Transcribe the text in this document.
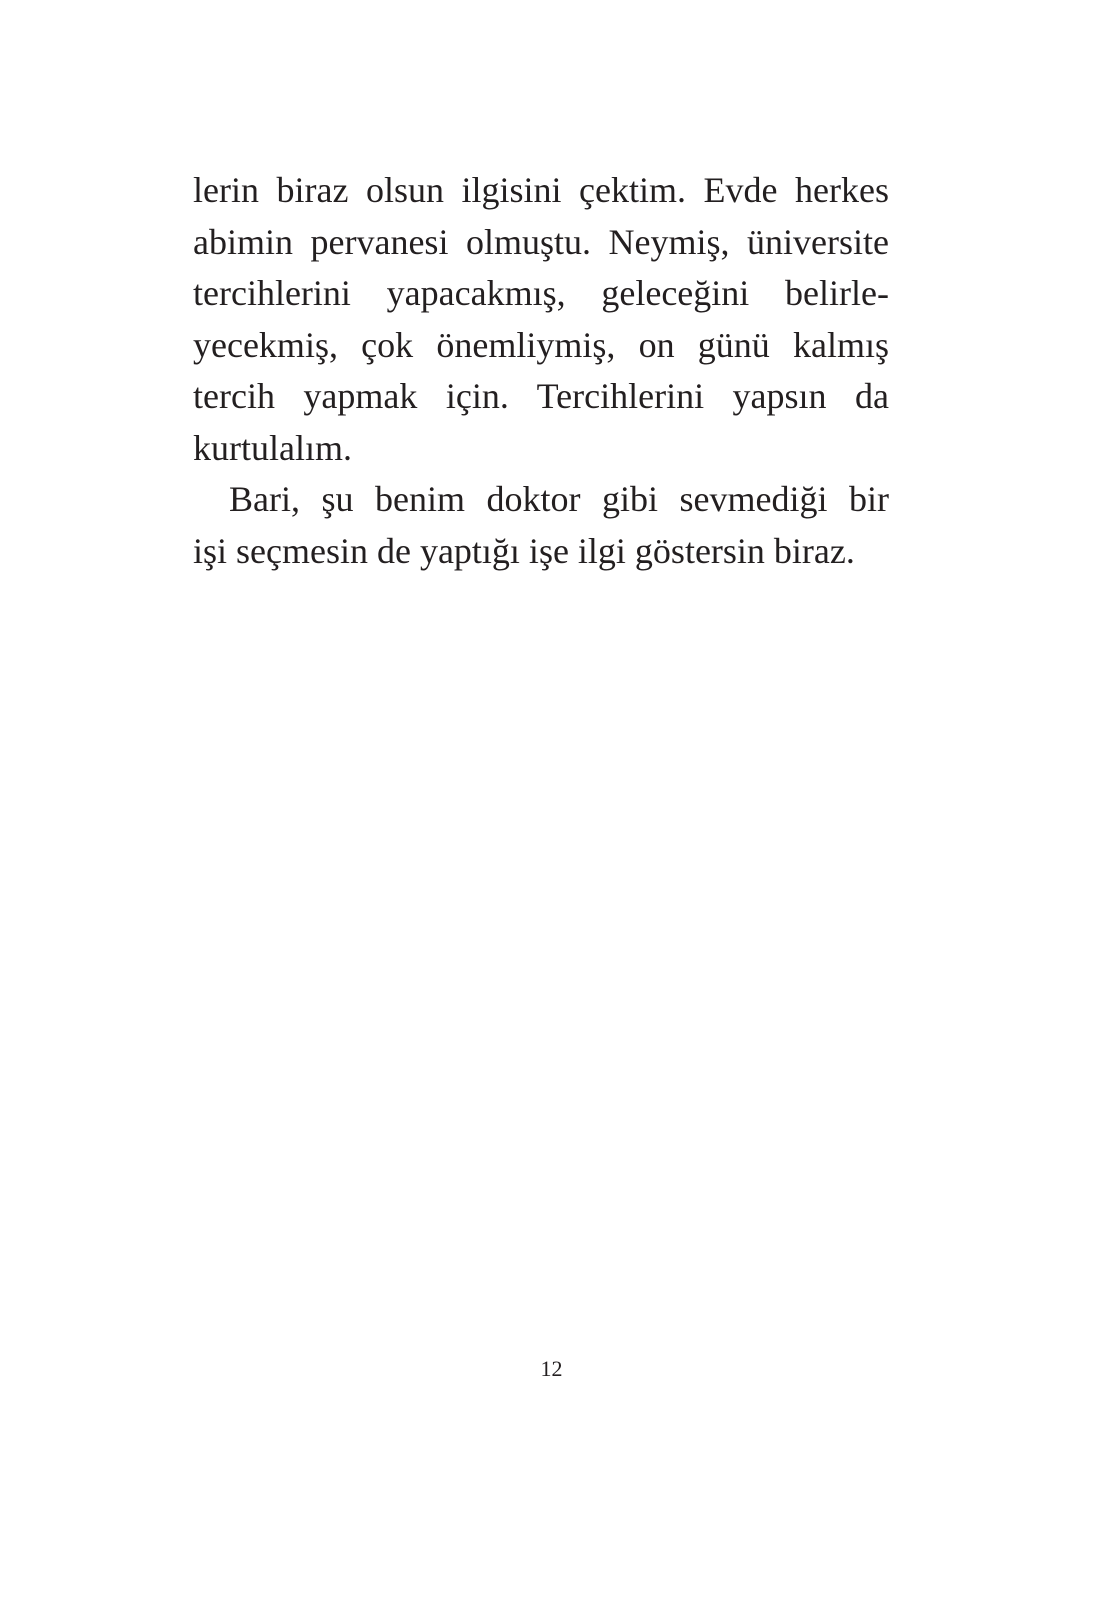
lerin biraz olsun ilgisini çektim. Evde herkes
abimin pervanesi olmuştu. Neymiş, üniversite
tercihlerini yapacakmış, geleceğini belirle-
yecekmiş, çok önemliymiş, on günü kalmış
tercih yapmak için. Tercihlerini yapsın da
kurtulalım.
Bari, şu benim doktor gibi sevmediği bir
işi seçmesin de yaptığı işe ilgi göstersin biraz.
12
